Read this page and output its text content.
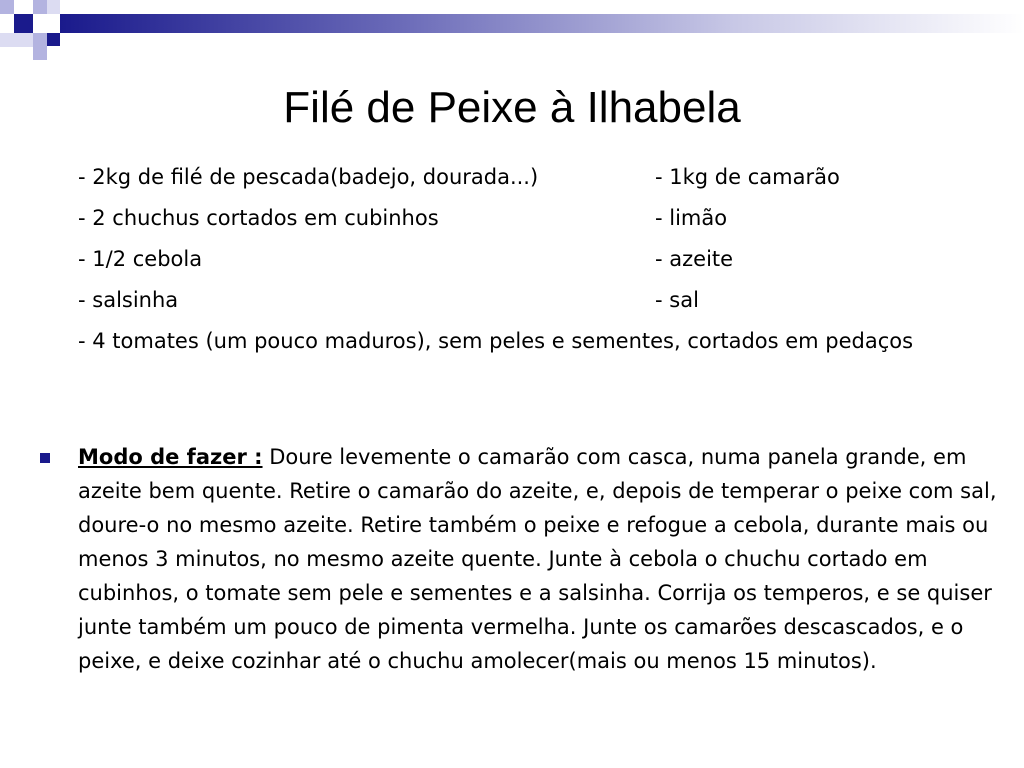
Filé de Peixe à Ilhabela
- 2kg de filé de pescada(badejo, dourada...)	- 1kg de camarão
- 2 chuchus cortados em cubinhos	- limão
- 1/2 cebola	- azeite
- salsinha	- sal
- 4 tomates (um pouco maduros), sem peles e sementes, cortados em pedaços

Modo de fazer : Doure levemente o camarão com casca, numa panela grande, em azeite bem quente. Retire o camarão do azeite, e, depois de temperar o peixe com sal, doure-o no mesmo azeite. Retire também o peixe e refogue a cebola, durante mais ou menos 3 minutos, no mesmo azeite quente. Junte à cebola o chuchu cortado em cubinhos, o tomate sem pele e sementes e a salsinha. Corrija os temperos, e se quiser junte também um pouco de pimenta vermelha. Junte os camarões descascados, e o peixe, e deixe cozinhar até o chuchu amolecer(mais ou menos 15 minutos).
